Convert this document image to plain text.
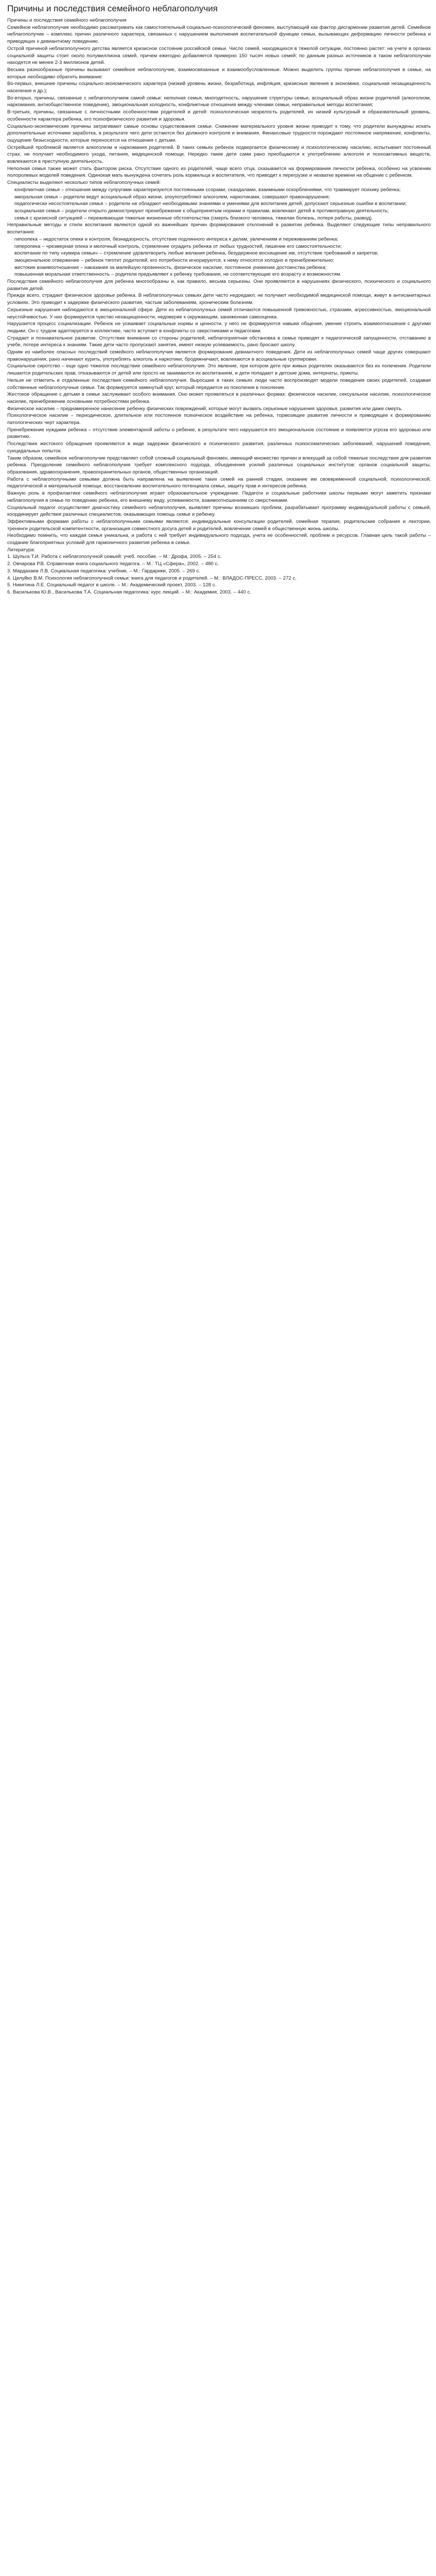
Причины и последствия семейного неблагополучия

Причины и последствия семейного неблагополучия

Семейное неблагополучие необходимо рассматривать как самостоятельный социально-психологический феномен, выступающий как фактор дисгармонии развития детей. Семейное неблагополучие – комплекс причин различного характера, связанных с нарушением выполнения воспитательной функции семьи, вызывающих деформацию личности ребенка и приводящих к девиантному поведению.

Острой причиной неблагополучного детства является кризисное состояние российской семьи. Число семей, находящихся в тяжелой ситуации, постоянно растет: на учете в органах социальной защиты стоит около полумиллиона семей, причем ежегодно добавляется примерно 150 тысяч новых семей; по данным разных источников в таком неблагополучии находятся не менее 2-3 миллионов детей.

Весьма разнообразные причины вызывают семейное неблагополучие, взаимосвязанные и взаимообусловленные. Можно выделить группы причин неблагополучия в семье, на которые необходимо обратить внимание:

Во-первых, внешние причины социально-экономического характера (низкий уровень жизни, безработица, инфляция, кризисные явления в экономике, социальная незащищенность населения и др.);

Во-вторых, причины, связанные с неблагополучием самой семьи: неполная семья, многодетность, нарушение структуры семьи, асоциальный образ жизни родителей (алкоголизм, наркомания, антиобщественное поведение), эмоциональная холодность, конфликтные отношения между членами семьи, неправильные методы воспитания;

В-третьих, причины, связанные с личностными особенностями родителей и детей: психологическая незрелость родителей, их низкий культурный и образовательный уровень, особенности характера ребенка, его психофизического развития и здоровья.

Социально-экономические причины затрагивают самые основы существования семьи. Снижение материального уровня жизни приводит к тому, что родители вынуждены искать дополнительные источники заработка, в результате чего дети остаются без должного контроля и внимания. Финансовые трудности порождают постоянное напряжение, конфликты, ощущение безысходности, которые переносятся на отношения с детьми.

Острейшей проблемой является алкоголизм и наркомания родителей. В таких семьях ребенок подвергается физическому и психологическому насилию, испытывает постоянный страх, не получает необходимого ухода, питания, медицинской помощи. Нередко такие дети сами рано приобщаются к употреблению алкоголя и психоактивных веществ, вовлекаются в преступную деятельность.

Неполная семья также может стать фактором риска. Отсутствие одного из родителей, чаще всего отца, сказывается на формировании личности ребенка, особенно на усвоении полоролевых моделей поведения. Одинокая мать вынуждена сочетать роль кормильца и воспитателя, что приводит к перегрузке и нехватке времени на общение с ребенком.

Специалисты выделяют несколько типов неблагополучных семей:

конфликтная семья – отношения между супругами характеризуются постоянными ссорами, скандалами, взаимными оскорблениями, что травмирует психику ребенка;

аморальная семья – родители ведут асоциальный образ жизни, злоупотребляют алкоголем, наркотиками, совершают правонарушения;

педагогически несостоятельная семья – родители не обладают необходимыми знаниями и умениями для воспитания детей, допускают серьезные ошибки в воспитании;

асоциальная семья – родители открыто демонстрируют пренебрежение к общепринятым нормам и правилам, вовлекают детей в противоправную деятельность;

семья с кризисной ситуацией – переживающая тяжелые жизненные обстоятельства (смерть близкого человека, тяжелая болезнь, потеря работы, развод).

Неправильные методы и стили воспитания являются одной из важнейших причин формирования отклонений в развитии ребенка. Выделяют следующие типы неправильного воспитания:

гипоопека – недостаток опеки и контроля, безнадзорность, отсутствие подлинного интереса к делам, увлечениям и переживаниям ребенка;

гиперопека – чрезмерная опека и мелочный контроль, стремление оградить ребенка от любых трудностей, лишение его самостоятельности;

воспитание по типу «кумира семьи» – стремление удовлетворить любые желания ребенка, безудержное восхищение им, отсутствие требований и запретов;

эмоциональное отвержение – ребенок тяготит родителей, его потребности игнорируются, к нему относятся холодно и пренебрежительно;

жестокие взаимоотношения – наказания за малейшую провинность, физическое насилие, постоянное унижение достоинства ребенка;

повышенная моральная ответственность – родители предъявляют к ребенку требования, не соответствующие его возрасту и возможностям.

Последствия семейного неблагополучия для ребенка многообразны и, как правило, весьма серьезны. Они проявляются в нарушениях физического, психического и социального развития детей.

Прежде всего, страдает физическое здоровье ребенка. В неблагополучных семьях дети часто недоедают, не получают необходимой медицинской помощи, живут в антисанитарных условиях. Это приводит к задержке физического развития, частым заболеваниям, хроническим болезням.

Серьезные нарушения наблюдаются в эмоциональной сфере. Дети из неблагополучных семей отличаются повышенной тревожностью, страхами, агрессивностью, эмоциональной неустойчивостью. У них формируется чувство незащищенности, недоверие к окружающим, заниженная самооценка.

Нарушается процесс социализации. Ребенок не усваивает социальные нормы и ценности, у него не формируются навыки общения, умение строить взаимоотношения с другими людьми. Он с трудом адаптируется в коллективе, часто вступает в конфликты со сверстниками и педагогами.

Страдает и познавательное развитие. Отсутствие внимания со стороны родителей, неблагоприятная обстановка в семье приводят к педагогической запущенности, отставанию в учебе, потере интереса к знаниям. Такие дети часто пропускают занятия, имеют низкую успеваемость, рано бросают школу.

Одним из наиболее опасных последствий семейного неблагополучия является формирование девиантного поведения. Дети из неблагополучных семей чаще других совершают правонарушения, рано начинают курить, употреблять алкоголь и наркотики, бродяжничают, вовлекаются в асоциальные группировки.

Социальное сиротство – еще одно тяжелое последствие семейного неблагополучия. Это явление, при котором дети при живых родителях оказываются без их попечения. Родители лишаются родительских прав, отказываются от детей или просто не занимаются их воспитанием, и дети попадают в детские дома, интернаты, приюты.

Нельзя не отметить и отдаленные последствия семейного неблагополучия. Выросшие в таких семьях люди часто воспроизводят модели поведения своих родителей, создавая собственные неблагополучные семьи. Так формируется замкнутый круг, который передается из поколения в поколение.

Жестокое обращение с детьми в семье заслуживает особого внимания. Оно может проявляться в различных формах: физическое насилие, сексуальное насилие, психологическое насилие, пренебрежение основными потребностями ребенка.

Физическое насилие – преднамеренное нанесение ребенку физических повреждений, которые могут вызвать серьезные нарушения здоровья, развития или даже смерть.

Психологическое насилие – периодическое, длительное или постоянное психическое воздействие на ребенка, тормозящее развитие личности и приводящее к формированию патологических черт характера.

Пренебрежение нуждами ребенка – отсутствие элементарной заботы о ребенке, в результате чего нарушается его эмоциональное состояние и появляется угроза его здоровью или развитию.

Последствия жестокого обращения проявляются в виде задержки физического и психического развития, различных психосоматических заболеваний, нарушений поведения, суицидальных попыток.

Таким образом, семейное неблагополучие представляет собой сложный социальный феномен, имеющий множество причин и влекущий за собой тяжелые последствия для развития ребенка. Преодоление семейного неблагополучия требует комплексного подхода, объединения усилий различных социальных институтов: органов социальной защиты, образования, здравоохранения, правоохранительных органов, общественных организаций.

Работа с неблагополучными семьями должна быть направлена на выявление таких семей на ранней стадии, оказание им своевременной социальной, психологической, педагогической и материальной помощи, восстановление воспитательного потенциала семьи, защиту прав и интересов ребенка.

Важную роль в профилактике семейного неблагополучия играет образовательное учреждение. Педагоги и социальные работники школы первыми могут заметить признаки неблагополучия в семье по поведению ребенка, его внешнему виду, успеваемости, взаимоотношениям со сверстниками.

Социальный педагог осуществляет диагностику семейного неблагополучия, выявляет причины возникших проблем, разрабатывает программу индивидуальной работы с семьей, координирует действия различных специалистов, оказывающих помощь семье и ребенку.

Эффективными формами работы с неблагополучными семьями являются: индивидуальные консультации родителей, семейная терапия, родительские собрания и лектории, тренинги родительской компетентности, организация совместного досуга детей и родителей, вовлечение семей в общественную жизнь школы.

Необходимо помнить, что каждая семья уникальна, и работа с ней требует индивидуального подхода, учета ее особенностей, проблем и ресурсов. Главная цель такой работы – создание благоприятных условий для гармоничного развития ребенка в семье.

Литература:

1. Шульга Т.И. Работа с неблагополучной семьей: учеб. пособие. – М.: Дрофа, 2005. – 254 с.

2. Овчарова Р.В. Справочная книга социального педагога. – М.: ТЦ «Сфера», 2002. – 480 с.

3. Мардахаев Л.В. Социальная педагогика: учебник. – М.: Гардарики, 2005. – 269 с.

4. Целуйко В.М. Психология неблагополучной семьи: книга для педагогов и родителей. – М.: ВЛАДОС-ПРЕСС, 2003. – 272 с.

5. Никитина Л.Е. Социальный педагог в школе. – М.: Академический проект, 2003. – 128 с.

6. Василькова Ю.В., Василькова Т.А. Социальная педагогика: курс лекций. – М.: Академия, 2003. – 440 с.
